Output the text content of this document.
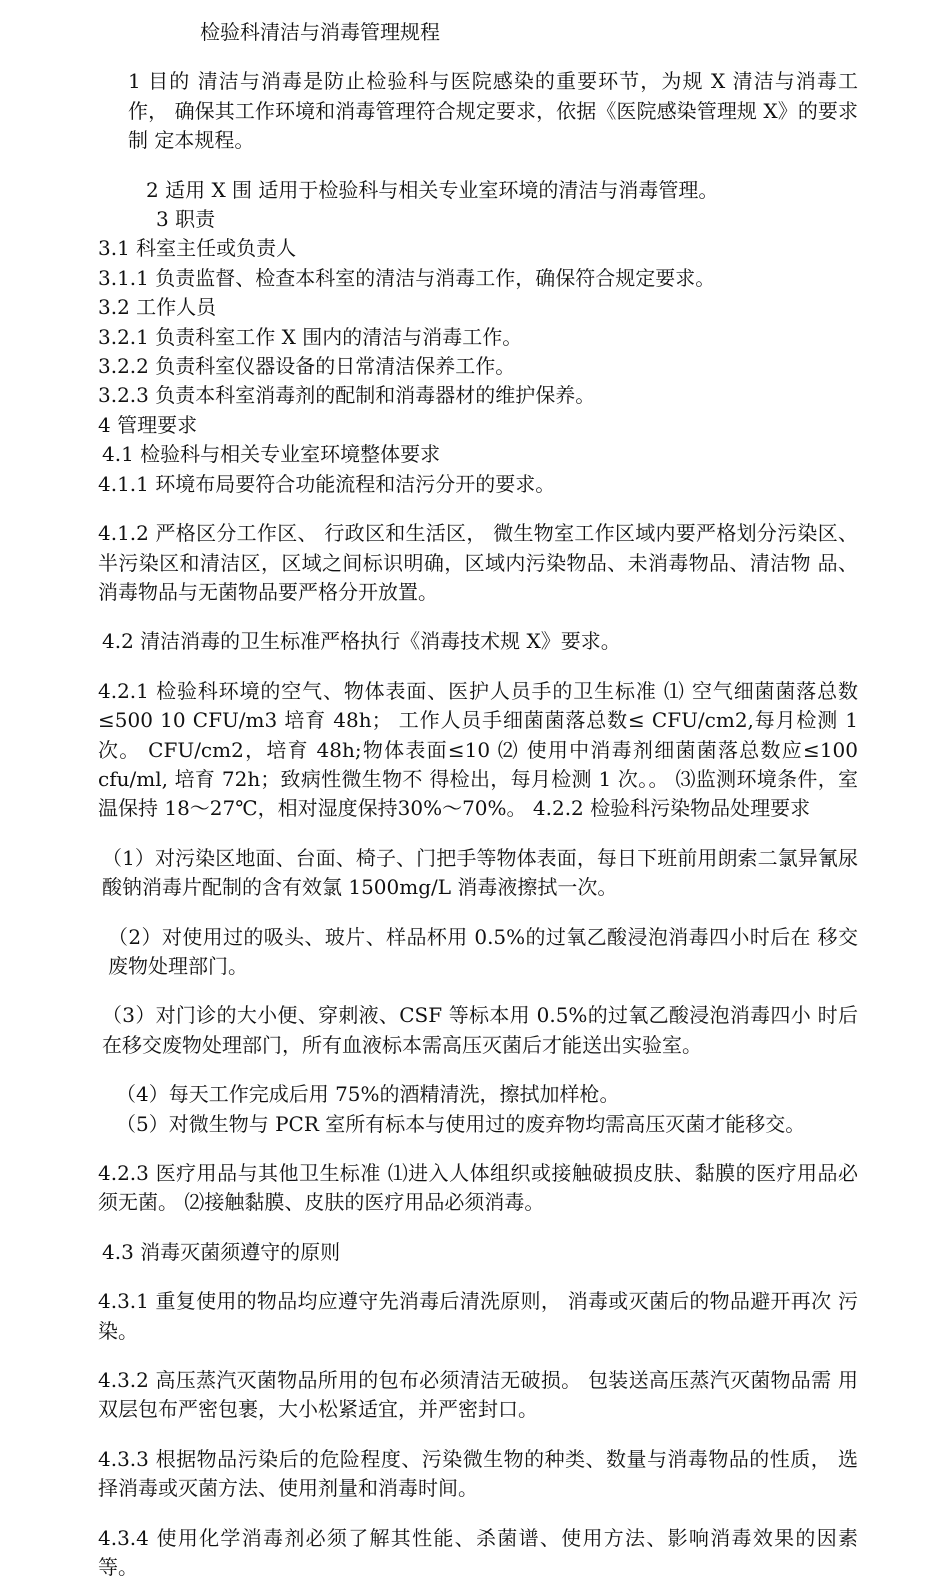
检验科清洁与消毒管理规程

1 目的 清洁与消毒是防止检验科与医院感染的重要环节，为规 X 清洁与消毒工作， 确保其工作环境和消毒管理符合规定要求，依据《医院感染管理规 X》的要求制 定本规程。

2 适用 X 围 适用于检验科与相关专业室环境的清洁与消毒管理。

3 职责

3.1 科室主任或负责人

3.1.1 负责监督、检查本科室的清洁与消毒工作，确保符合规定要求。

3.2 工作人员

3.2.1 负责科室工作 X 围内的清洁与消毒工作。

3.2.2 负责科室仪器设备的日常清洁保养工作。

3.2.3 负责本科室消毒剂的配制和消毒器材的维护保养。

4 管理要求

4.1 检验科与相关专业室环境整体要求

4.1.1 环境布局要符合功能流程和洁污分开的要求。

4.1.2 严格区分工作区、 行政区和生活区， 微生物室工作区域内要严格划分污染区、 半污染区和清洁区，区域之间标识明确，区域内污染物品、未消毒物品、清洁物 品、消毒物品与无菌物品要严格分开放置。

4.2 清洁消毒的卫生标准严格执行《消毒技术规 X》要求。

4.2.1 检验科环境的空气、物体表面、医护人员手的卫生标准 ⑴ 空气细菌菌落总数≤500 10 CFU/m3 培育 48h； 工作人员手细菌菌落总数≤ CFU/cm2,每月检测 1 次。 CFU/cm2，培育 48h;物体表面≤10 ⑵ 使用中消毒剂细菌菌落总数应≤100 cfu/ml, 培育 72h；致病性微生物不 得检出，每月检测 1 次。。 ⑶监测环境条件，室温保持 18～27℃，相对湿度保持30%～70%。 4.2.2 检验科污染物品处理要求

（1）对污染区地面、台面、椅子、门把手等物体表面，每日下班前用朗索二氯异氰尿酸钠消毒片配制的含有效氯 1500mg/L 消毒液擦拭一次。

（2）对使用过的吸头、玻片、样品杯用 0.5%的过氧乙酸浸泡消毒四小时后在 移交废物处理部门。

（3）对门诊的大小便、穿刺液、CSF 等标本用 0.5%的过氧乙酸浸泡消毒四小 时后在移交废物处理部门，所有血液标本需高压灭菌后才能送出实验室。

（4）每天工作完成后用 75%的酒精清洗，擦拭加样枪。

（5）对微生物与 PCR 室所有标本与使用过的废弃物均需高压灭菌才能移交。

4.2.3 医疗用品与其他卫生标准 ⑴进入人体组织或接触破损皮肤、黏膜的医疗用品必须无菌。 ⑵接触黏膜、皮肤的医疗用品必须消毒。

4.3 消毒灭菌须遵守的原则

4.3.1 重复使用的物品均应遵守先消毒后清洗原则， 消毒或灭菌后的物品避开再次 污染。

4.3.2 高压蒸汽灭菌物品所用的包布必须清洁无破损。 包装送高压蒸汽灭菌物品需 用双层包布严密包裹，大小松紧适宜，并严密封口。

4.3.3 根据物品污染后的危险程度、污染微生物的种类、数量与消毒物品的性质， 选择消毒或灭菌方法、使用剂量和消毒时间。

4.3.4 使用化学消毒剂必须了解其性能、杀菌谱、使用方法、影响消毒效果的因素 等。
